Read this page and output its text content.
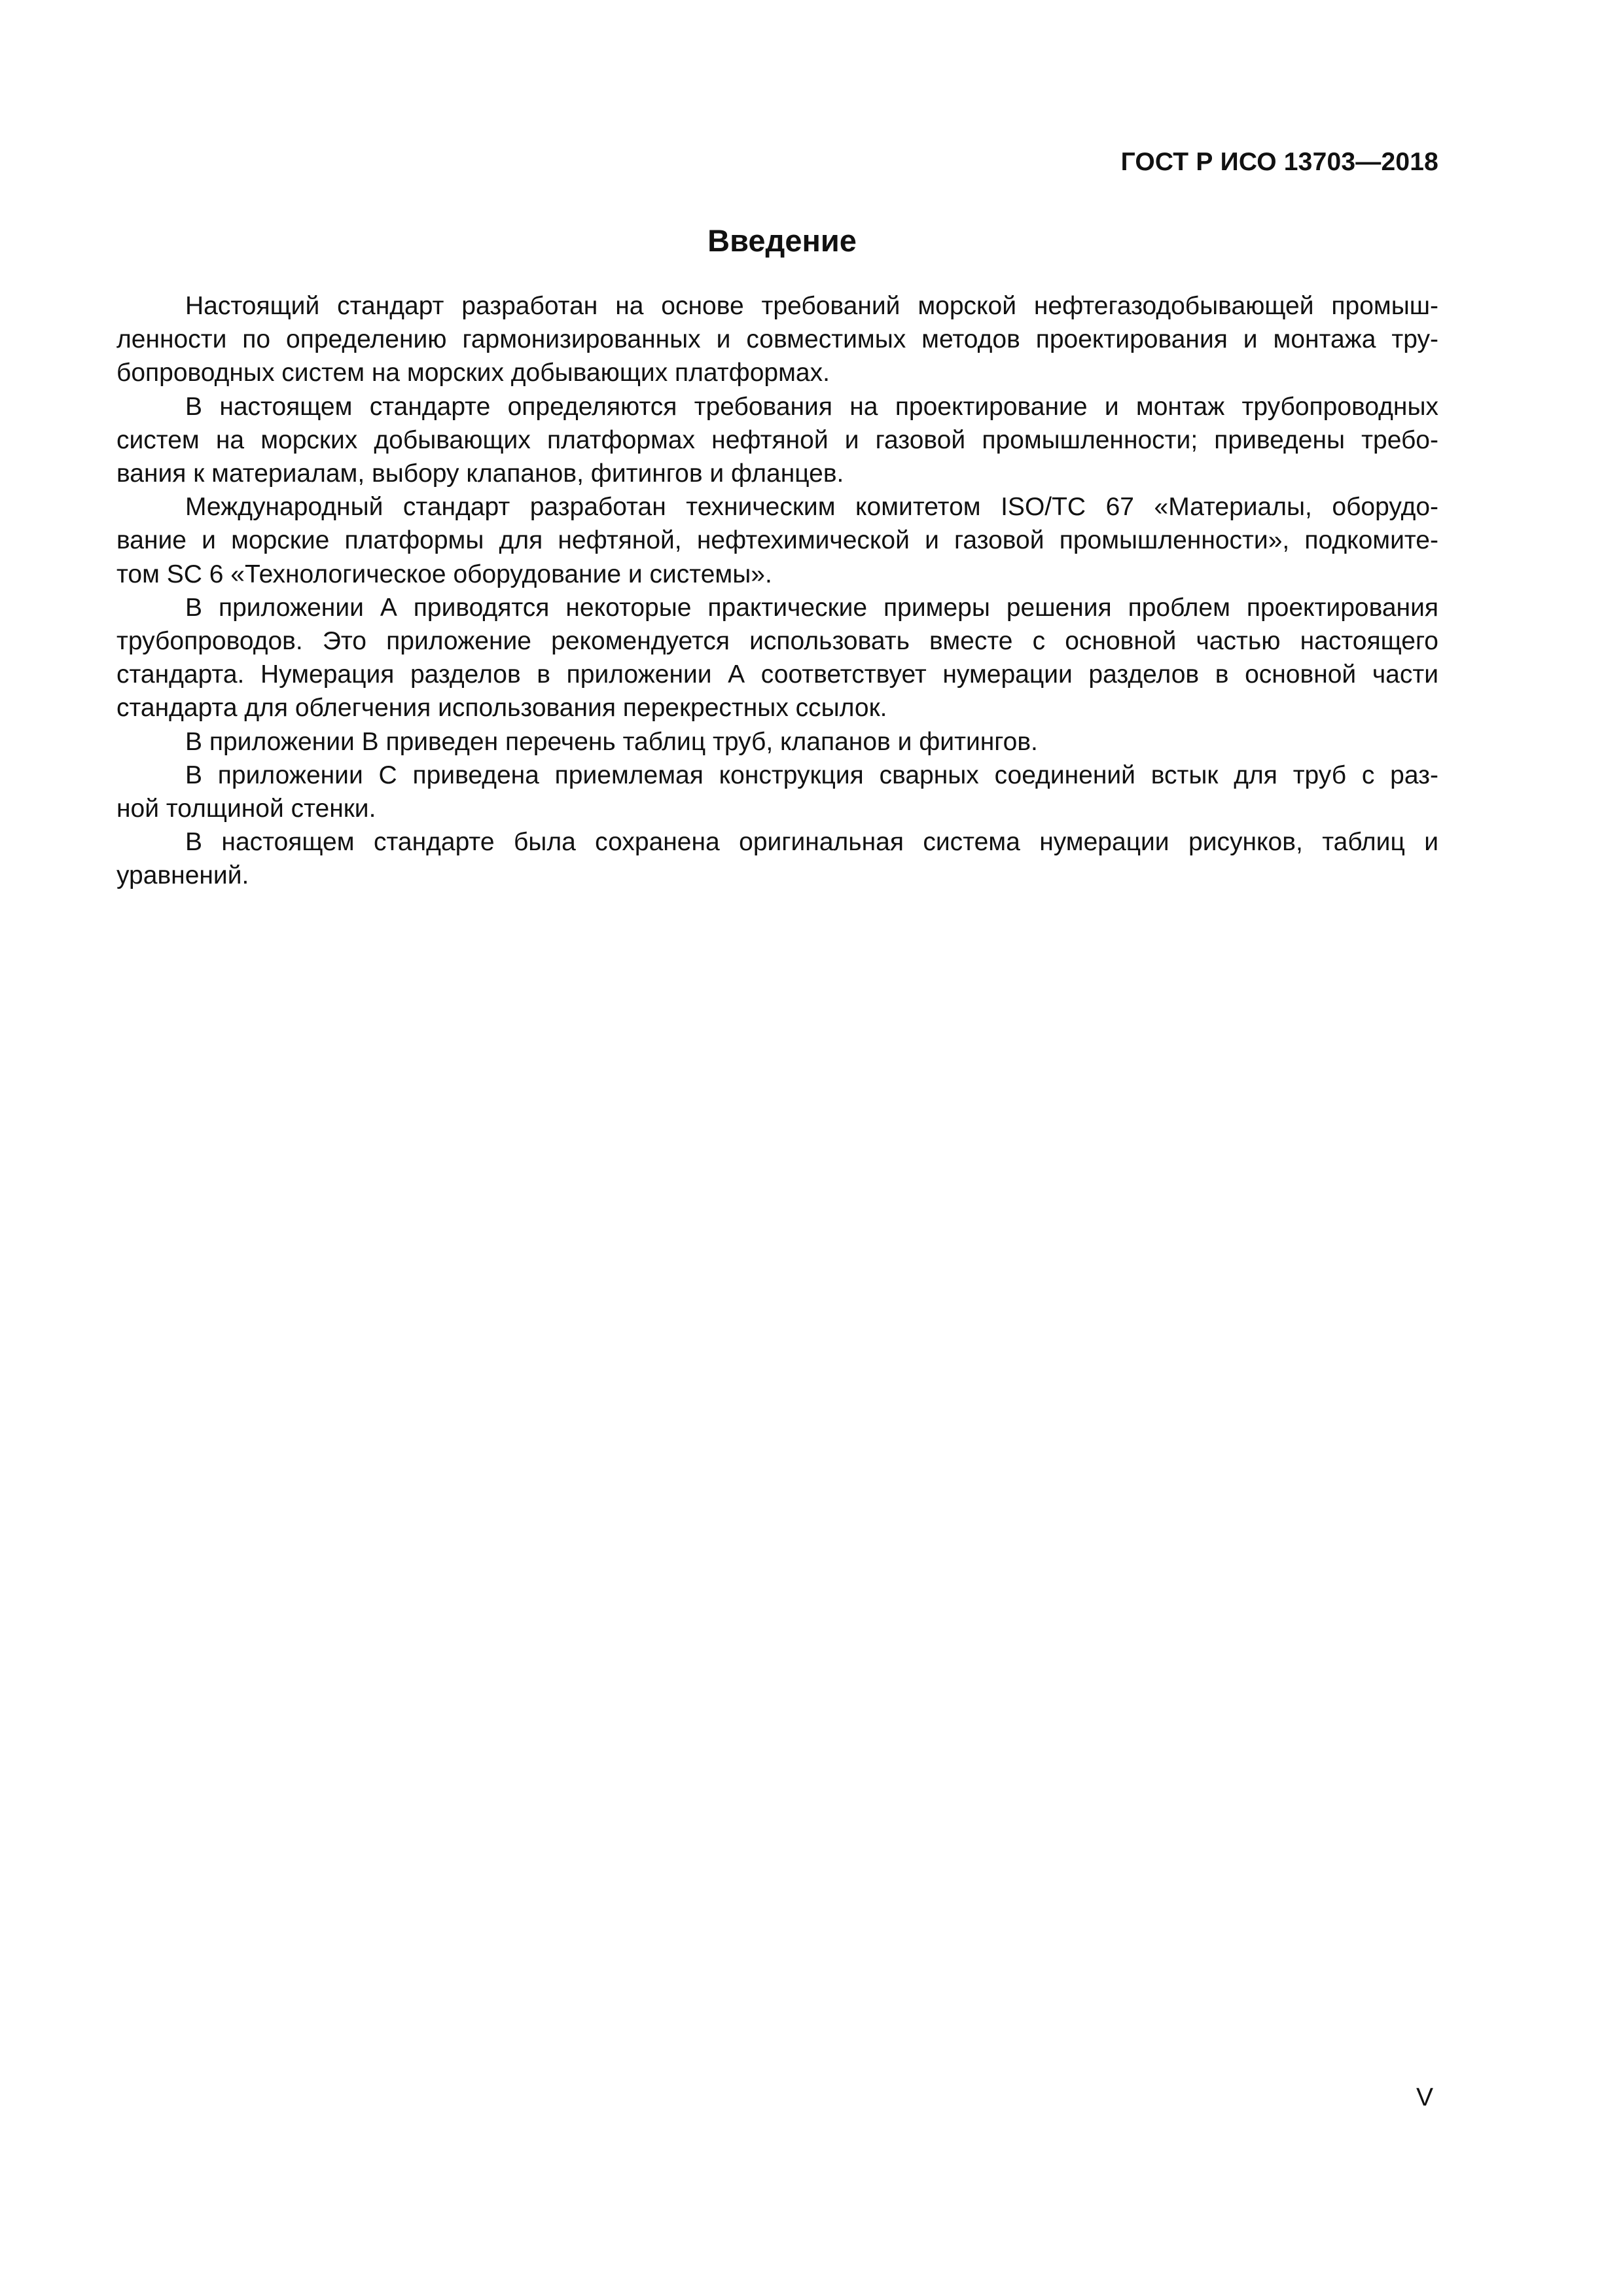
ГОСТ Р ИСО 13703—2018
Введение

Настоящий стандарт разработан на основе требований морской нефтегазодобывающей промыш-
ленности по определению гармонизированных и совместимых методов проектирования и монтажа тру-
бопроводных систем на морских добывающих платформах.

В настоящем стандарте определяются требования на проектирование и монтаж трубопроводных
систем на морских добывающих платформах нефтяной и газовой промышленности; приведены требо-
вания к материалам, выбору клапанов, фитингов и фланцев.

Международный стандарт разработан техническим комитетом ISO/TC 67 «Материалы, оборудо-
вание и морские платформы для нефтяной, нефтехимической и газовой промышленности», подкомите-
том SC 6 «Технологическое оборудование и системы».

В приложении А приводятся некоторые практические примеры решения проблем проектирования
трубопроводов. Это приложение рекомендуется использовать вместе с основной частью настоящего
стандарта. Нумерация разделов в приложении А соответствует нумерации разделов в основной части
стандарта для облегчения использования перекрестных ссылок.

В приложении В приведен перечень таблиц труб, клапанов и фитингов.

В приложении С приведена приемлемая конструкция сварных соединений встык для труб с раз-
ной толщиной стенки.

В настоящем стандарте была сохранена оригинальная система нумерации рисунков, таблиц и
уравнений.

V
